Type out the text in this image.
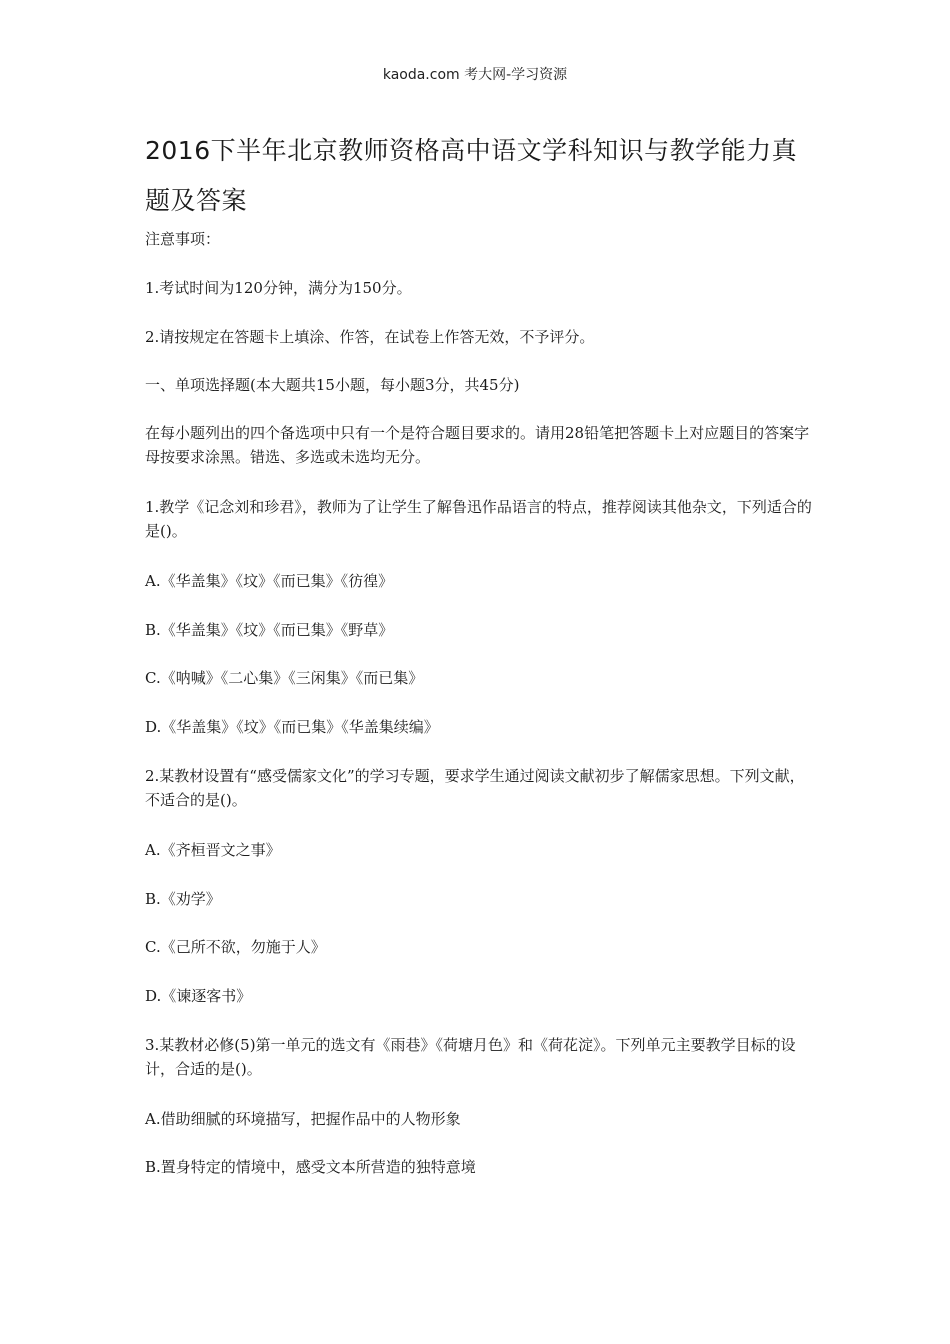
kaoda.com 考大网-学习资源
2016下半年北京教师资格高中语文学科知识与教学能力真题及答案
注意事项：
1.考试时间为120分钟，满分为150分。
2.请按规定在答题卡上填涂、作答，在试卷上作答无效，不予评分。
一、单项选择题(本大题共15小题，每小题3分，共45分)
在每小题列出的四个备选项中只有一个是符合题目要求的。请用28铅笔把答题卡上对应题目的答案字母按要求涂黑。错选、多选或未选均无分。
1.教学《记念刘和珍君》，教师为了让学生了解鲁迅作品语言的特点，推荐阅读其他杂文，下列适合的是()。
A.《华盖集》《坟》《而已集》《彷徨》
B.《华盖集》《坟》《而已集》《野草》
C.《呐喊》《二心集》《三闲集》《而已集》
D.《华盖集》《坟》《而已集》《华盖集续编》
2.某教材设置有“感受儒家文化”的学习专题，要求学生通过阅读文献初步了解儒家思想。下列文献，不适合的是()。
A.《齐桓晋文之事》
B.《劝学》
C.《己所不欲，勿施于人》
D.《谏逐客书》
3.某教材必修(5)第一单元的选文有《雨巷》《荷塘月色》和《荷花淀》。下列单元主要教学目标的设计，合适的是()。
A.借助细腻的环境描写，把握作品中的人物形象
B.置身特定的情境中，感受文本所营造的独特意境
